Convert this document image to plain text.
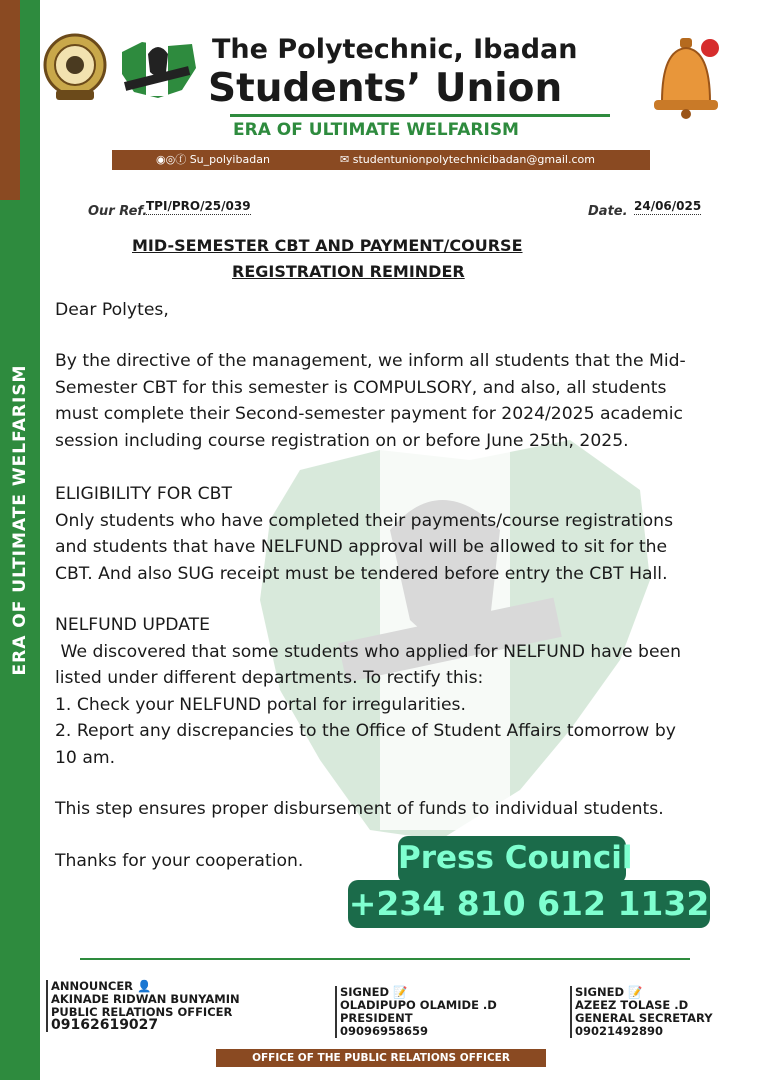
ERA OF ULTIMATE WELFARISM
The Polytechnic, Ibadan
Students’ Union
ERA OF ULTIMATE WELFARISM
◉◎ⓕ Su_polyibadan	✉ studentunionpolytechnicibadan@gmail.com
Our Ref.
TPI/PRO/25/039	Date. 24/06/025
MID-SEMESTER CBT AND PAYMENT/COURSE
REGISTRATION REMINDER
Dear Polytes,
By the directive of the management, we inform all students that the Mid-
Semester CBT for this semester is COMPULSORY, and also, all students
must complete their Second-semester payment for 2024/2025 academic
session including course registration on or before June 25th, 2025.
ELIGIBILITY FOR CBT
Only students who have completed their payments/course registrations
and students that have NELFUND approval will be allowed to sit for the
CBT. And also SUG receipt must be tendered before entry the CBT Hall.
NELFUND UPDATE
We discovered that some students who applied for NELFUND have been
listed under different departments. To rectify this:
1. Check your NELFUND portal for irregularities.
2. Report any discrepancies to the Office of Student Affairs tomorrow by
10 am.
This step ensures proper disbursement of funds to individual students.
Thanks for your cooperation.	Press Council
+234 810 612 1132
ANNOUNCER 👤
AKINADE RIDWAN BUNYAMIN
PUBLIC RELATIONS OFFICER
09162619027
SIGNED 📝
OLADIPUPO OLAMIDE .D
PRESIDENT
09096958659
SIGNED 📝
AZEEZ TOLASE .D
GENERAL SECRETARY
09021492890
OFFICE OF THE PUBLIC RELATIONS OFFICER
